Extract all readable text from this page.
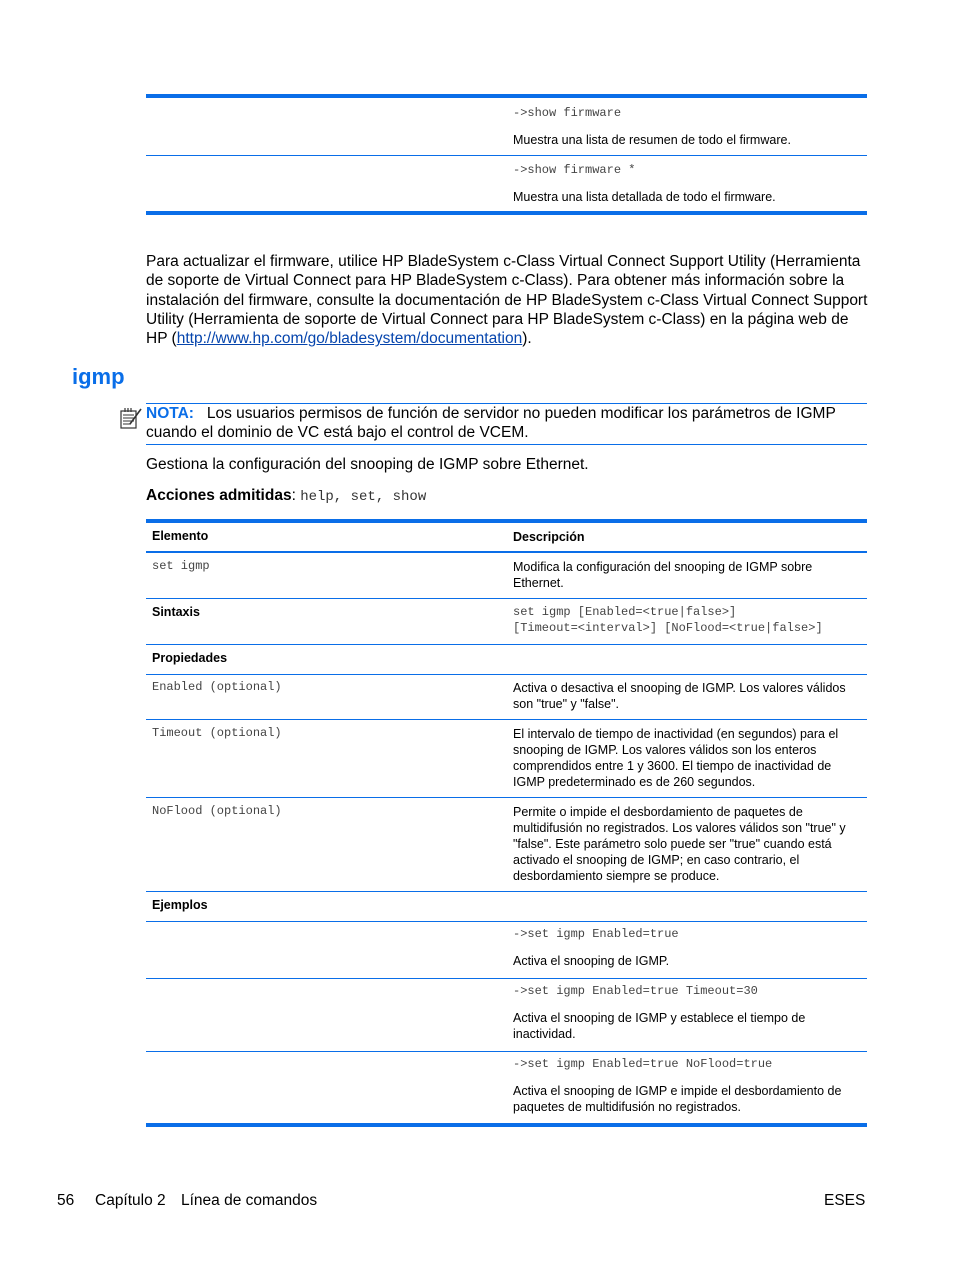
->show firmware
Muestra una lista de resumen de todo el firmware.
->show firmware *
Muestra una lista detallada de todo el firmware.
Para actualizar el firmware, utilice HP BladeSystem c-Class Virtual Connect Support Utility (Herramienta de soporte de Virtual Connect para HP BladeSystem c-Class). Para obtener más información sobre la instalación del firmware, consulte la documentación de HP BladeSystem c-Class Virtual Connect Support Utility (Herramienta de soporte de Virtual Connect para HP BladeSystem c-Class) en la página web de HP (http://www.hp.com/go/bladesystem/documentation).
igmp
NOTA: Los usuarios permisos de función de servidor no pueden modificar los parámetros de IGMP cuando el dominio de VC está bajo el control de VCEM.
Gestiona la configuración del snooping de IGMP sobre Ethernet.
Acciones admitidas: help, set, show
Elemento	Descripción
set igmp	Modifica la configuración del snooping de IGMP sobre Ethernet.
Sintaxis	set igmp [Enabled=<true|false>]
[Timeout=<interval>] [NoFlood=<true|false>]
Propiedades
Enabled (optional)	Activa o desactiva el snooping de IGMP. Los valores válidos son "true" y "false".
Timeout (optional)	El intervalo de tiempo de inactividad (en segundos) para el snooping de IGMP. Los valores válidos son los enteros comprendidos entre 1 y 3600. El tiempo de inactividad de IGMP predeterminado es de 260 segundos.
NoFlood (optional)	Permite o impide el desbordamiento de paquetes de multidifusión no registrados. Los valores válidos son "true" y "false". Este parámetro solo puede ser "true" cuando está activado el snooping de IGMP; en caso contrario, el desbordamiento siempre se produce.
Ejemplos
->set igmp Enabled=true
Activa el snooping de IGMP.
->set igmp Enabled=true Timeout=30
Activa el snooping de IGMP y establece el tiempo de inactividad.
->set igmp Enabled=true NoFlood=true
Activa el snooping de IGMP e impide el desbordamiento de paquetes de multidifusión no registrados.
56 Capítulo 2 Línea de comandos	ESES
